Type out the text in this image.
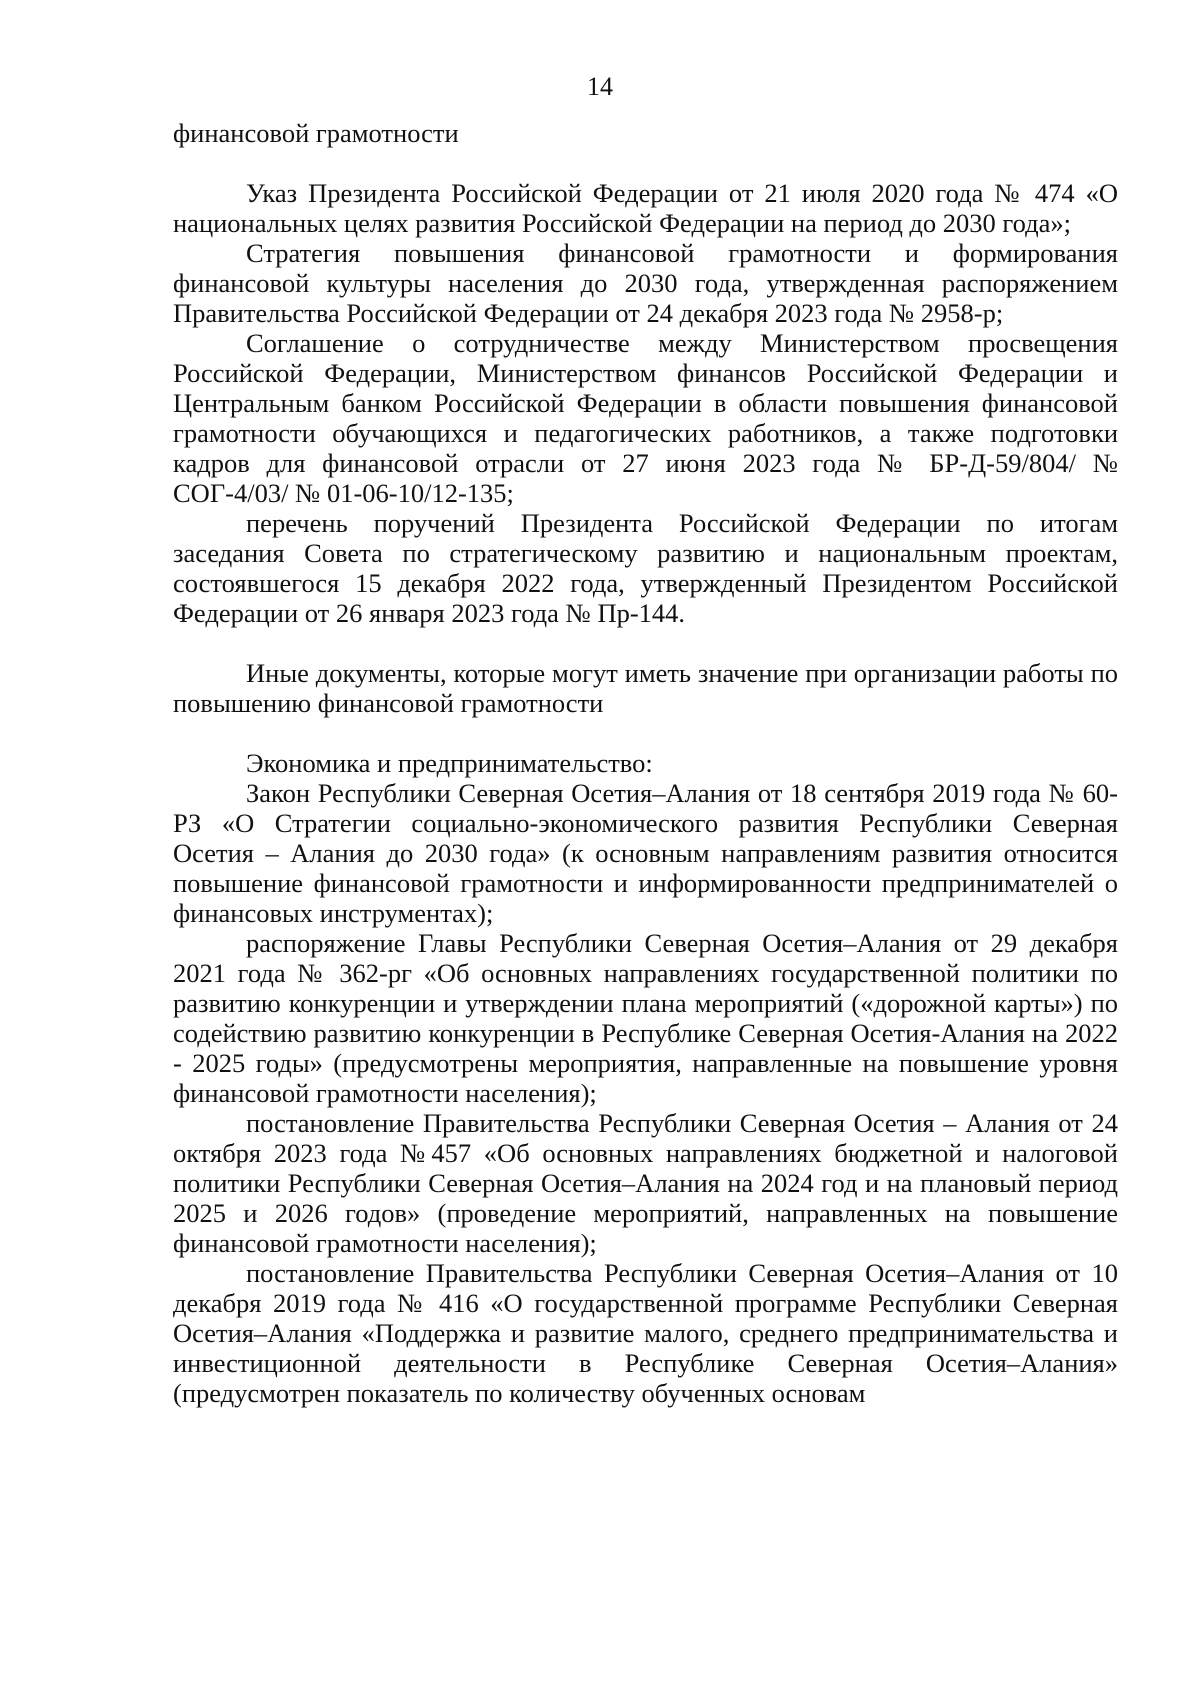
14

финансовой грамотности

Указ Президента Российской Федерации от 21 июля 2020 года № 474 «О национальных целях развития Российской Федерации на период до 2030 года»;

Стратегия повышения финансовой грамотности и формирования финансовой культуры населения до 2030 года, утвержденная распоряжением Правительства Российской Федерации от 24 декабря 2023 года № 2958-р;

Соглашение о сотрудничестве между Министерством просвещения Российской Федерации, Министерством финансов Российской Федерации и Центральным банком Российской Федерации в области повышения финансовой грамотности обучающихся и педагогических работников, а также подготовки кадров для финансовой отрасли от 27 июня 2023 года № БР-Д-59/804/ № СОГ-4/03/ № 01-06-10/12-135;

перечень поручений Президента Российской Федерации по итогам заседания Совета по стратегическому развитию и национальным проектам, состоявшегося 15 декабря 2022 года, утвержденный Президентом Российской Федерации от 26 января 2023 года № Пр-144.

Иные документы, которые могут иметь значение при организации работы по повышению финансовой грамотности

Экономика и предпринимательство:

Закон Республики Северная Осетия–Алания от 18 сентября 2019 года № 60-РЗ «О Стратегии социально-экономического развития Республики Северная Осетия – Алания до 2030 года» (к основным направлениям развития относится повышение финансовой грамотности и информированности предпринимателей о финансовых инструментах);

распоряжение Главы Республики Северная Осетия–Алания от 29 декабря 2021 года № 362-рг «Об основных направлениях государственной политики по развитию конкуренции и утверждении плана мероприятий («дорожной карты») по содействию развитию конкуренции в Республике Северная Осетия-Алания на 2022 - 2025 годы» (предусмотрены мероприятия, направленные на повышение уровня финансовой грамотности населения);

постановление Правительства Республики Северная Осетия – Алания от 24 октября 2023 года №457 «Об основных направлениях бюджетной и налоговой политики Республики Северная Осетия–Алания на 2024 год и на плановый период 2025 и 2026 годов» (проведение мероприятий, направленных на повышение финансовой грамотности населения);

постановление Правительства Республики Северная Осетия–Алания от 10 декабря 2019 года № 416 «О государственной программе Республики Северная Осетия–Алания «Поддержка и развитие малого, среднего предпринимательства и инвестиционной деятельности в Республике Северная Осетия–Алания» (предусмотрен показатель по количеству обученных основам
